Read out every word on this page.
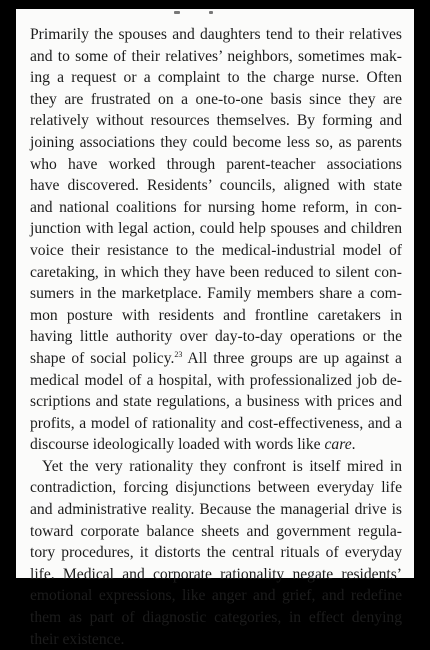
Primarily the spouses and daughters tend to their relatives
and to some of their relatives’ neighbors, sometimes mak-
ing a request or a complaint to the charge nurse. Often
they are frustrated on a one-to-one basis since they are
relatively without resources themselves. By forming and
joining associations they could become less so, as parents
who have worked through parent-teacher associations
have discovered. Residents’ councils, aligned with state
and national coalitions for nursing home reform, in con-
junction with legal action, could help spouses and children
voice their resistance to the medical-industrial model of
caretaking, in which they have been reduced to silent con-
sumers in the marketplace. Family members share a com-
mon posture with residents and frontline caretakers in
having little authority over day-to-day operations or the
shape of social policy.$^{23}$ All three groups are up against a
medical model of a hospital, with professionalized job de-
scriptions and state regulations, a business with prices and
profits, a model of rationality and cost-effectiveness, and a
discourse ideologically loaded with words like care.
Yet the very rationality they confront is itself mired in
contradiction, forcing disjunctions between everyday life
and administrative reality. Because the managerial drive is
toward corporate balance sheets and government regula-
tory procedures, it distorts the central rituals of everyday
life. Medical and corporate rationality negate residents’
emotional expressions, like anger and grief, and redefine
them as part of diagnostic categories, in effect denying
their existence.
